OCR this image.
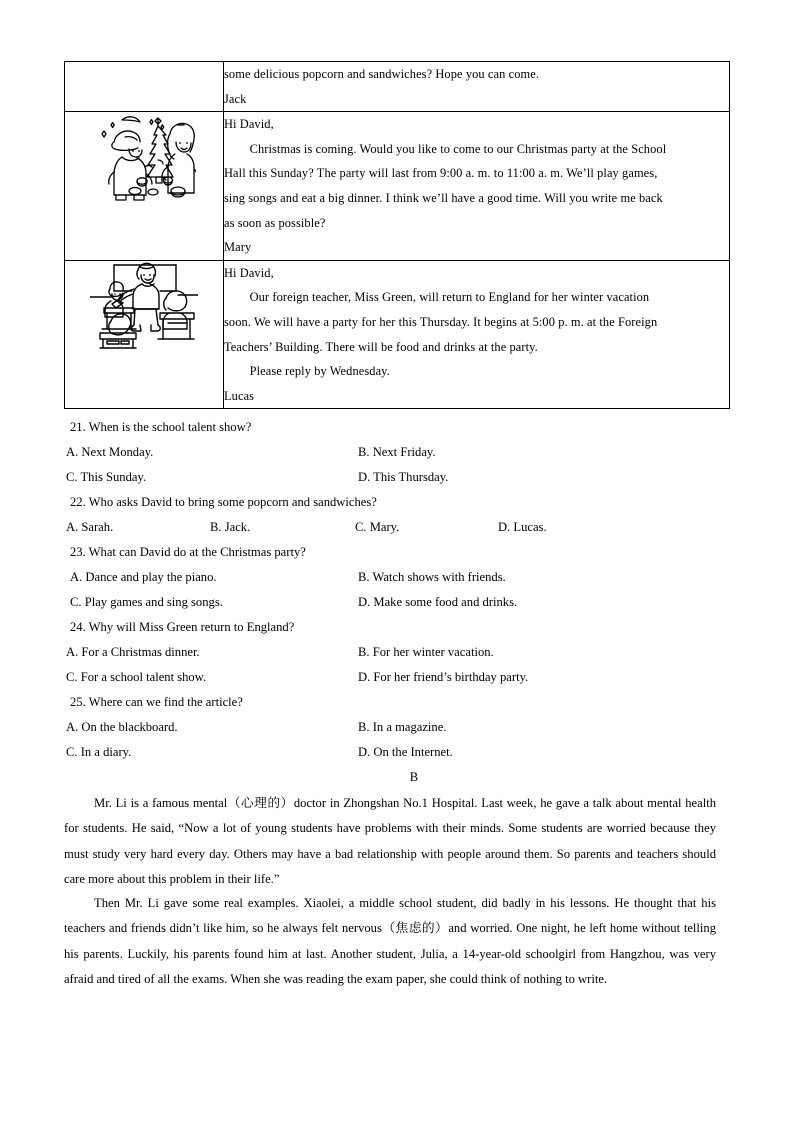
	some delicious popcorn and sandwiches? Hope you can come.
Jack

Hi David,
Christmas is coming. Would you like to come to our Christmas party at the School
Hall this Sunday? The party will last from 9:00 a. m. to 11:00 a. m. We’ll play games,
sing songs and eat a big dinner. I think we’ll have a good time. Will you write me back
as soon as possible?
Mary

Hi David,
Our foreign teacher, Miss Green, will return to England for her winter vacation
soon. We will have a party for her this Thursday. It begins at 5:00 p. m. at the Foreign
Teachers’ Building. There will be food and drinks at the party.
Please reply by Wednesday.
Lucas
21. When is the school talent show?
A. Next Monday.	B. Next Friday.
C. This Sunday.	D. This Thursday.
22. Who asks David to bring some popcorn and sandwiches?
A. Sarah.	B. Jack.	C. Mary.	D. Lucas.
23. What can David do at the Christmas party?
A. Dance and play the piano.	B. Watch shows with friends.
C. Play games and sing songs.	D. Make some food and drinks.
24. Why will Miss Green return to England?
A. For a Christmas dinner.	B. For her winter vacation.
C. For a school talent show.	D. For her friend’s birthday party.
25. Where can we find the article?
A. On the blackboard.	B. In a magazine.
C. In a diary.	D. On the Internet.
B

Mr. Li is a famous mental（心理的）doctor in Zhongshan No.1 Hospital. Last week, he gave a talk about mental health for students. He said, “Now a lot of young students have problems with their minds. Some students are worried because they must study very hard every day. Others may have a bad relationship with people around them. So parents and teachers should care more about this problem in their life.”

Then Mr. Li gave some real examples. Xiaolei, a middle school student, did badly in his lessons. He thought that his teachers and friends didn’t like him, so he always felt nervous（焦虑的）and worried. One night, he left home without telling his parents. Luckily, his parents found him at last. Another student, Julia, a 14-year-old schoolgirl from Hangzhou, was very afraid and tired of all the exams. When she was reading the exam paper, she could think of nothing to write.
